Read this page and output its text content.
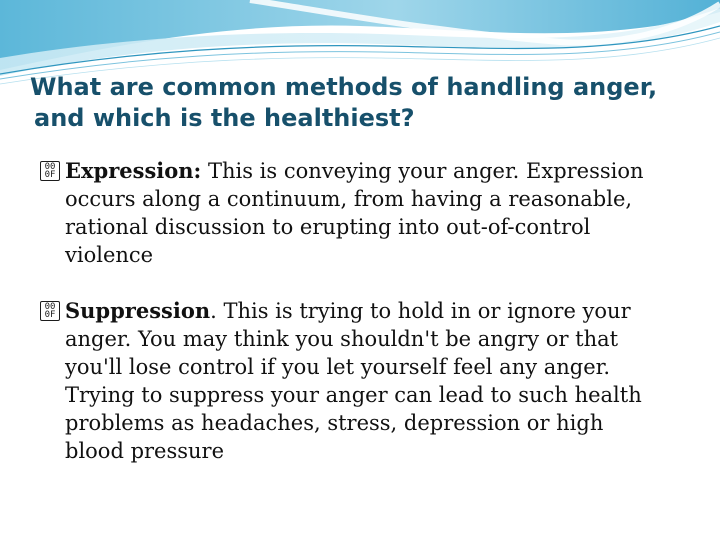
What are common methods of handling anger,
and which is the healthiest?
00
0F Expression: This is conveying your anger. Expression
occurs along a continuum, from having a reasonable,
rational discussion to erupting into out-of-control
violence
00
0F Suppression. This is trying to hold in or ignore your
anger. You may think you shouldn't be angry or that
you'll lose control if you let yourself feel any anger.
Trying to suppress your anger can lead to such health
problems as headaches, stress, depression or high
blood pressure
